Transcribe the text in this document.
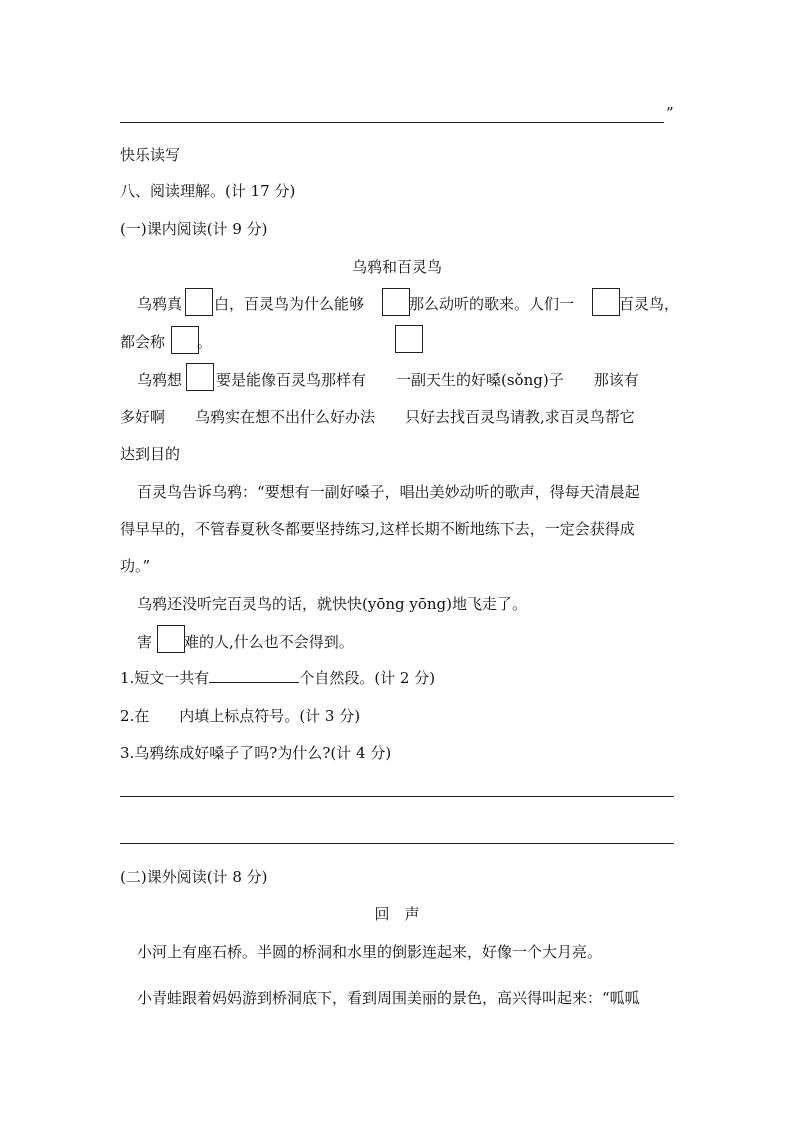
”
快乐读写
八、阅读理解。(计 17 分)
(一)课内阅读(计 9 分)
乌鸦和百灵鸟
乌鸦真 白，百灵鸟为什么能够	那么动听的歌来。人们一	百灵鸟，
都会称 。
乌鸦想 要是能像百灵鸟那样有　　一副天生的好嗓(sǒng)子　　那该有
多好啊　　乌鸦实在想不出什么好办法　　只好去找百灵鸟请教,求百灵鸟帮它
达到目的
百灵鸟告诉乌鸦：“要想有一副好嗓子，唱出美妙动听的歌声，得每天清晨起
得早早的，不管春夏秋冬都要坚持练习,这样长期不断地练下去，一定会获得成
功。”
乌鸦还没听完百灵鸟的话，就快快(yōng yōng)地飞走了。
害 难的人,什么也不会得到。
1.短文一共有	个自然段。(计 2 分)
2.在　　内填上标点符号。(计 3 分)
3.乌鸦练成好嗓子了吗?为什么?(计 4 分)
(二)课外阅读(计 8 分)
回　声
小河上有座石桥。半圆的桥洞和水里的倒影连起来，好像一个大月亮。
小青蛙跟着妈妈游到桥洞底下，看到周围美丽的景色，高兴得叫起来：“呱呱
